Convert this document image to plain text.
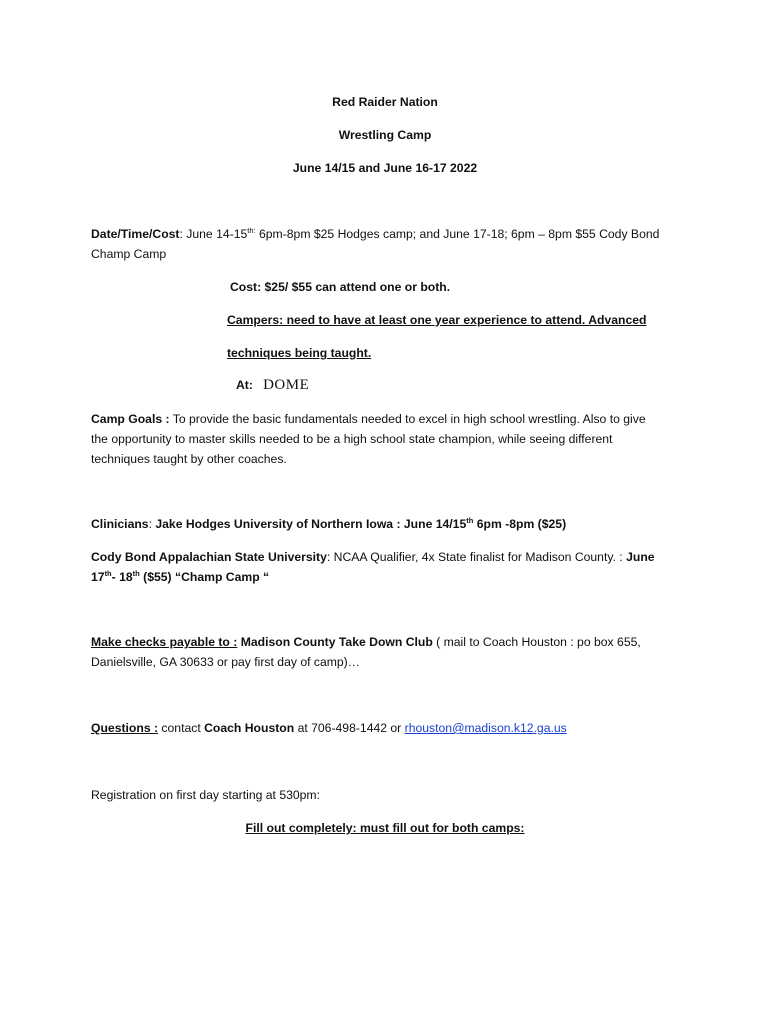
Red Raider Nation
Wrestling Camp
June 14/15 and June 16-17 2022
Date/Time/Cost: June $14-15^{th:}$ 6pm-8pm $25 Hodges camp; and June 17-18; 6pm – 8pm $55 Cody Bond
Champ Camp
Cost: $25/ $55 can attend one or both.
Campers: need to have at least one year experience to attend. Advanced
techniques being taught.
At: DOME
Camp Goals : To provide the basic fundamentals needed to excel in high school wrestling. Also to give
the opportunity to master skills needed to be a high school state champion, while seeing different
techniques taught by other coaches.
Clinicians: Jake Hodges University of Northern Iowa : June 14/15th 6pm -8pm ($25)
Cody Bond Appalachian State University: NCAA Qualifier, 4x State finalist for Madison County. : June
17th- 18th ($55) “Champ Camp “
Make checks payable to : Madison County Take Down Club ( mail to Coach Houston : po box 655,
Danielsville, GA 30633 or pay first day of camp)…
Questions : contact Coach Houston at 706-498-1442 or rhouston@madison.k12.ga.us
Registration on first day starting at 530pm:
Fill out completely: must fill out for both camps:
